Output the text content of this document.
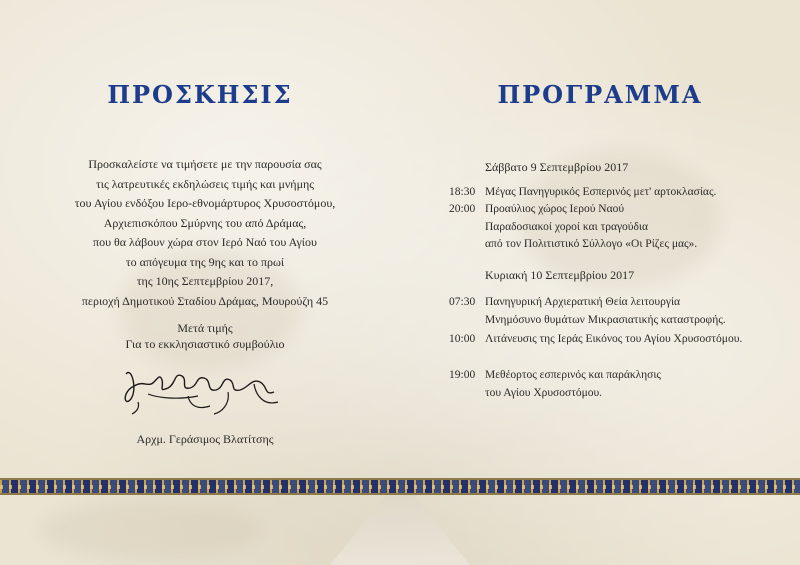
ΠΡΟΣΚΗΣΙΣ
Προσκαλείστε να τιμήσετε με την παρουσία σας
τις λατρευτικές εκδηλώσεις τιμής και μνήμης
του Αγίου ενδόξου Ιερο-εθνομάρτυρος Χρυσοστόμου,
Αρχιεπισκόπου Σμύρνης του από Δράμας,
που θα λάβουν χώρα στον Ιερό Ναό του Αγίου
το απόγευμα της 9ης και το πρωί
της 10ης Σεπτεμβρίου 2017,
περιοχή Δημοτικού Σταδίου Δράμας, Μουρούζη 45
Μετά τιμής
Για το εκκλησιαστικό συμβούλιο
Αρχμ. Γεράσιμος Βλατίτσης
ΠΡΟΓΡΑΜΜΑ
Σάββατο 9 Σεπτεμβρίου 2017
18:30 Μέγας Πανηγυρικός Εσπερινός μετ' αρτοκλασίας.
20:00 Προαύλιος χώρος Ιερού Ναού
Παραδοσιακοί χοροί και τραγούδια
από τον Πολιτιστικό Σύλλογο «Οι Ρίζες μας».
Κυριακή 10 Σεπτεμβρίου 2017
07:30 Πανηγυρική Αρχιερατική Θεία λειτουργία
Μνημόσυνο θυμάτων Μικρασιατικής καταστροφής.
10:00 Λιτάνευσις της Ιεράς Εικόνος του Αγίου Χρυσοστόμου.
19:00 Μεθέορτος εσπερινός και παράκλησις
του Αγίου Χρυσοστόμου.
